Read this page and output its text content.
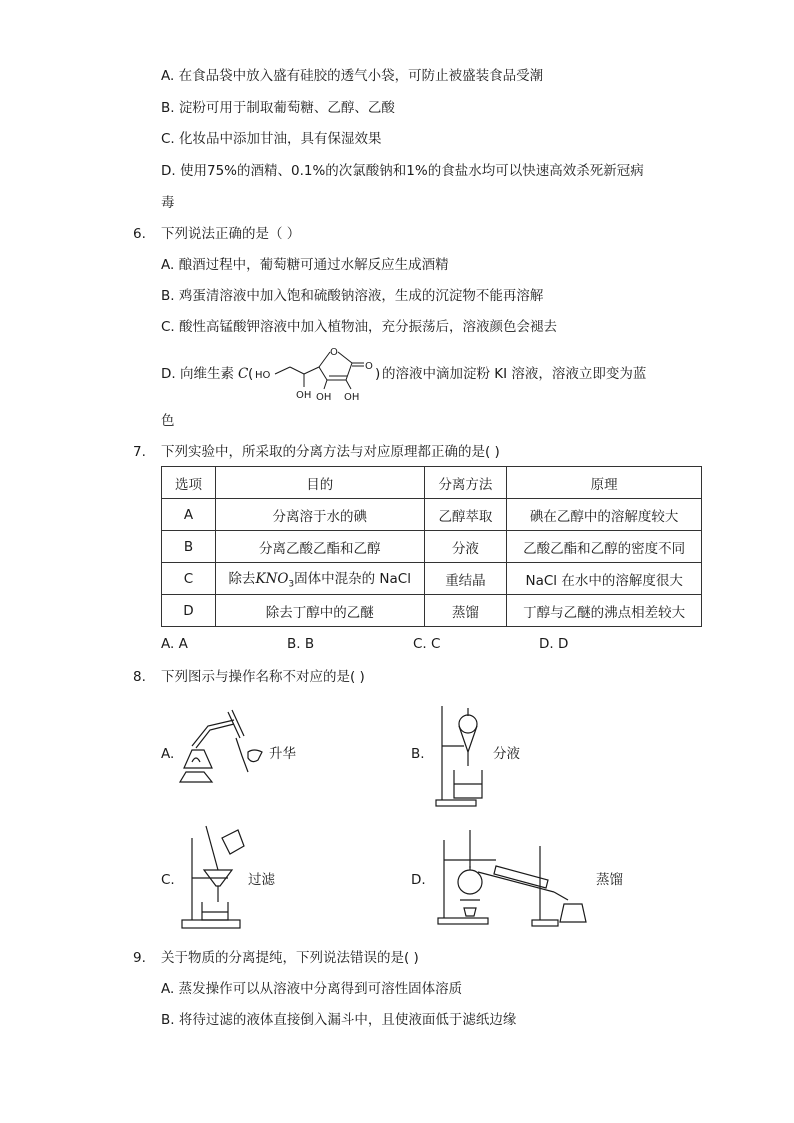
A. 在食品袋中放入盛有硅胶的透气小袋，可防止被盛装食品受潮
B. 淀粉可用于制取葡萄糖、乙醇、乙酸
C. 化妆品中添加甘油，具有保湿效果
D. 使用75%的酒精、0.1%的次氯酸钠和1%的食盐水均可以快速高效杀死新冠病
毒
6. 下列说法正确的是（ ）
A. 酿酒过程中，葡萄糖可通过水解反应生成酒精
B. 鸡蛋清溶液中加入饱和硫酸钠溶液，生成的沉淀物不能再溶解
C. 酸性高锰酸钾溶液中加入植物油，充分振荡后，溶液颜色会褪去
D. 向维生素 C ( HO
OH OH OH
O
O ) 的溶液中滴加淀粉 KI 溶液，溶液立即变为蓝
色
7. 下列实验中，所采取的分离方法与对应原理都正确的是( )
选项	目的	分离方法	原理
A	分离溶于水的碘	乙醇萃取	碘在乙醇中的溶解度较大
B	分离乙酸乙酯和乙醇	分液	乙酸乙酯和乙醇的密度不同
C	除去$KNO_3$固体中混杂的 NaCl	重结晶	NaCl 在水中的溶解度很大
D	除去丁醇中的乙醚	蒸馏	丁醇与乙醚的沸点相差较大
A. A	B. B	C. C	D. D
8. 下列图示与操作名称不对应的是( )
A.	升华	B.	分液
C.	过滤	D.	蒸馏
9. 关于物质的分离提纯，下列说法错误的是( )
A. 蒸发操作可以从溶液中分离得到可溶性固体溶质
B. 将待过滤的液体直接倒入漏斗中，且使液面低于滤纸边缘
